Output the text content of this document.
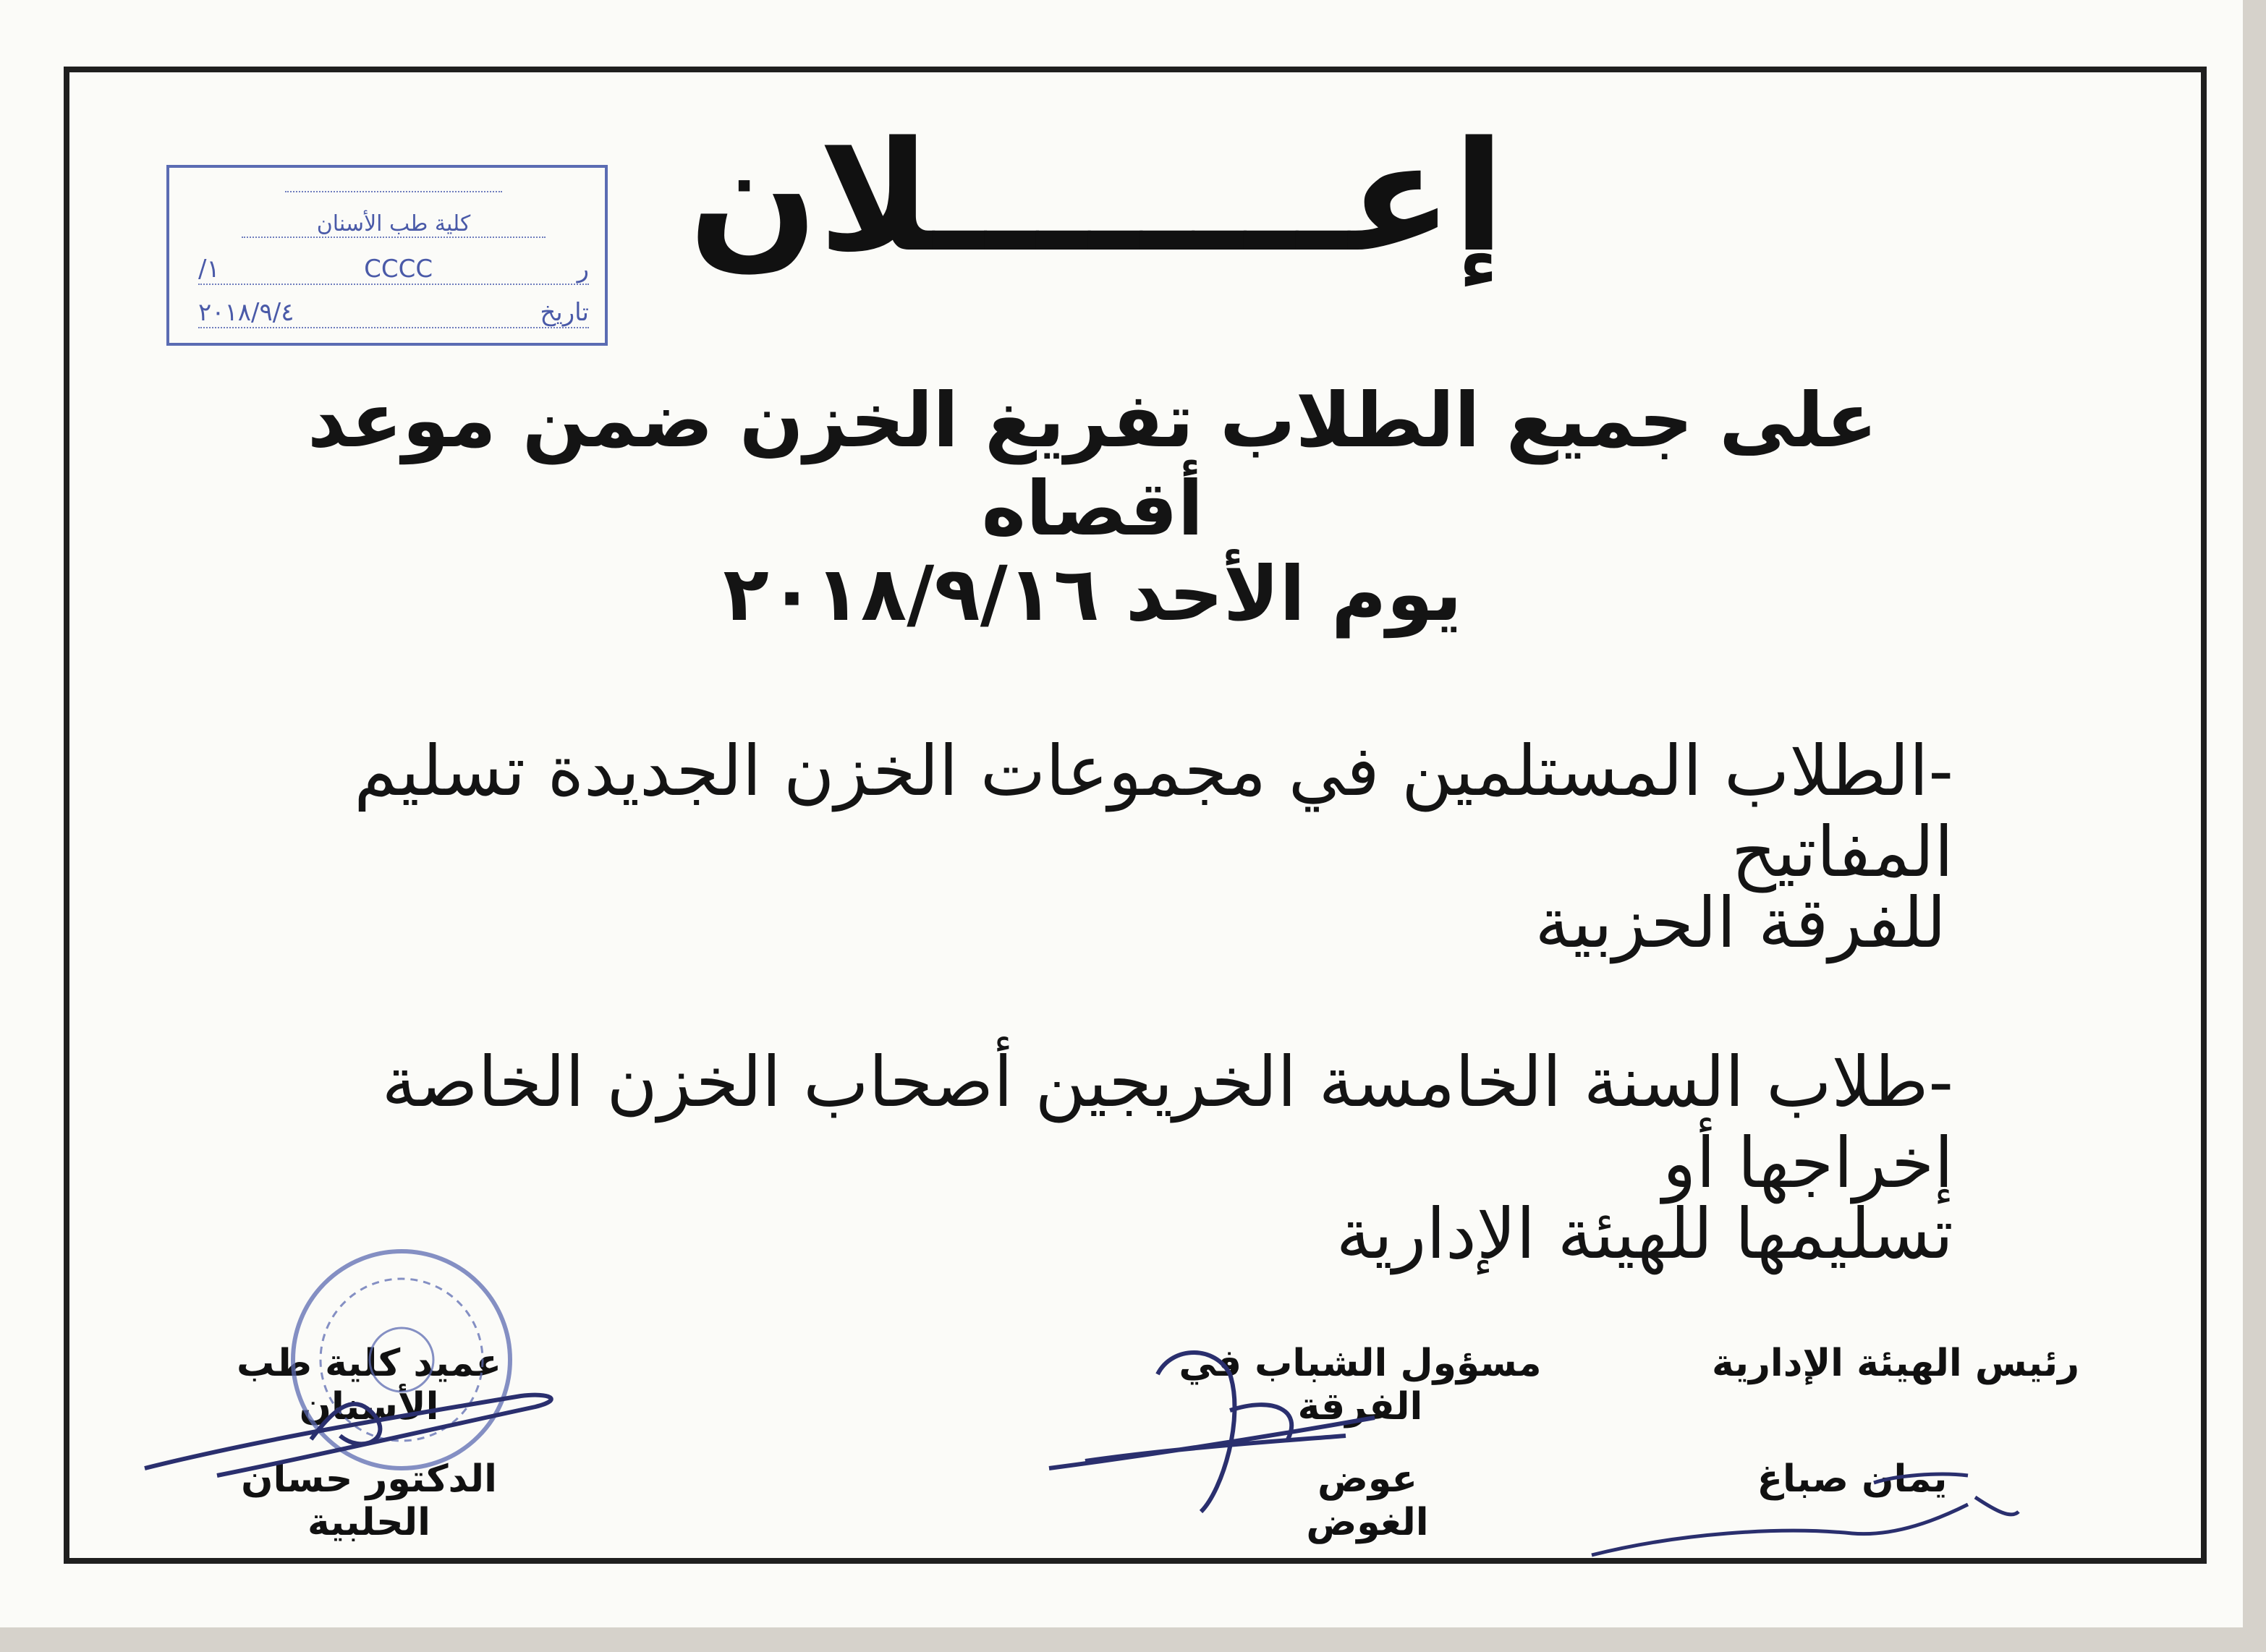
كلية طب الأسنان
ر
CCCC
/١
تاريخ
٢٠١٨/٩/٤
إعــــــــلان
على جميع الطلاب تفريغ الخزن ضمن موعد أقصاه
يوم الأحد ٢٠١٨/٩/١٦
-الطلاب المستلمين في مجموعات الخزن الجديدة تسليم المفاتيح
للفرقة الحزبية
-طلاب السنة الخامسة الخريجين أصحاب الخزن الخاصة إخراجها أو
تسليمها للهيئة الإدارية
رئيس الهيئة الإدارية
يمان صباغ
مسؤول الشباب في الفرقة
عوض الغوض
عميد كلية طب الأسنان
الدكتور حسان الحلبية
